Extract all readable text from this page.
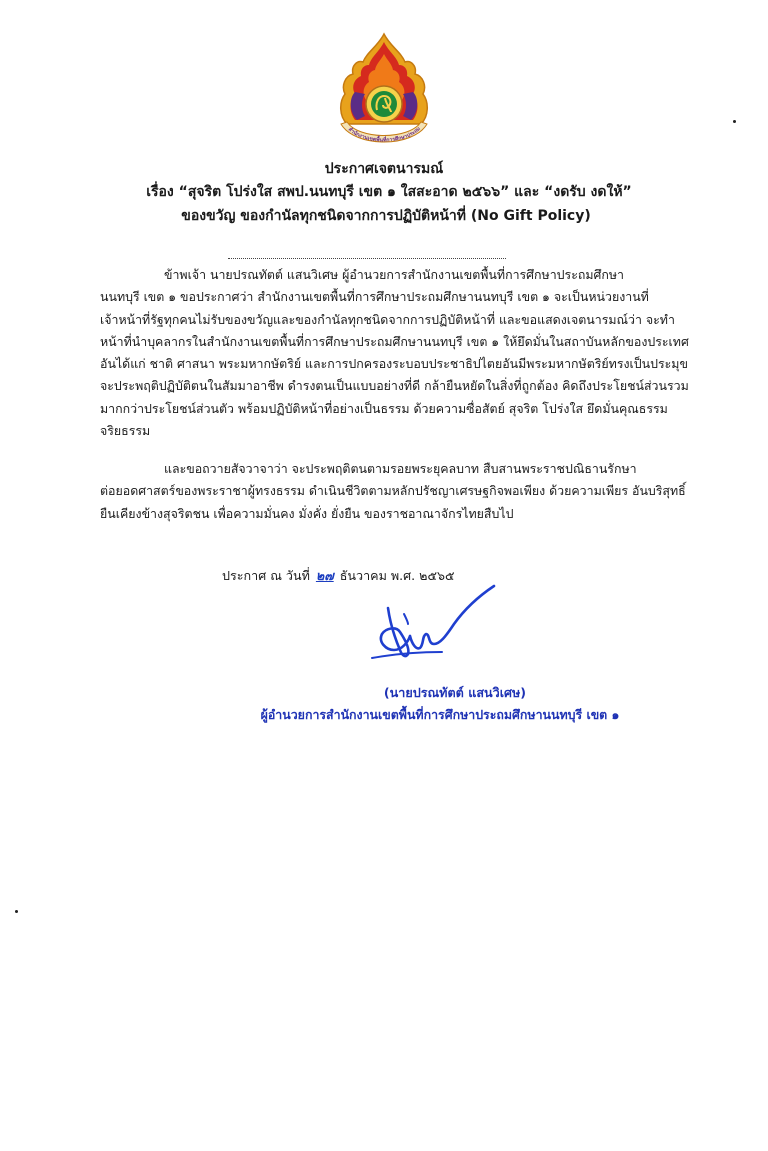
สำนักงานเขตพื้นที่การศึกษาประถม
ประกาศเจตนารมณ์
เรื่อง “สุจริต โปร่งใส สพป.นนทบุรี เขต ๑ ใสสะอาด ๒๕๖๖” และ “งดรับ งดให้”
ของขวัญ ของกำนัลทุกชนิดจากการปฏิบัติหน้าที่ (No Gift Policy)
ข้าพเจ้า นายปรณทัตต์ แสนวิเศษ ผู้อำนวยการสำนักงานเขตพื้นที่การศึกษาประถมศึกษา
นนทบุรี เขต ๑ ขอประกาศว่า สำนักงานเขตพื้นที่การศึกษาประถมศึกษานนทบุรี เขต ๑ จะเป็นหน่วยงานที่
เจ้าหน้าที่รัฐทุกคนไม่รับของขวัญและของกำนัลทุกชนิดจากการปฏิบัติหน้าที่ และขอแสดงเจตนารมณ์ว่า จะทำ
หน้าที่นำบุคลากรในสำนักงานเขตพื้นที่การศึกษาประถมศึกษานนทบุรี เขต ๑ ให้ยึดมั่นในสถาบันหลักของประเทศ
อันได้แก่ ชาติ ศาสนา พระมหากษัตริย์ และการปกครองระบอบประชาธิปไตยอันมีพระมหากษัตริย์ทรงเป็นประมุข
จะประพฤติปฏิบัติตนในสัมมาอาชีพ ดำรงตนเป็นแบบอย่างที่ดี กล้ายืนหยัดในสิ่งที่ถูกต้อง คิดถึงประโยชน์ส่วนรวม
มากกว่าประโยชน์ส่วนตัว พร้อมปฏิบัติหน้าที่อย่างเป็นธรรม ด้วยความซื่อสัตย์ สุจริต โปร่งใส ยึดมั่นคุณธรรม
จริยธรรม
และขอถวายสัจวาจาว่า จะประพฤติตนตามรอยพระยุคลบาท สืบสานพระราชปณิธานรักษา
ต่อยอดศาสตร์ของพระราชาผู้ทรงธรรม ดำเนินชีวิตตามหลักปรัชญาเศรษฐกิจพอเพียง ด้วยความเพียร อันบริสุทธิ์
ยืนเคียงข้างสุจริตชน เพื่อความมั่นคง มั่งคั่ง ยั่งยืน ของราชอาณาจักรไทยสืบไป
ประกาศ ณ วันที่ ๒๗ ธันวาคม พ.ศ. ๒๕๖๕
(นายปรณทัตต์ แสนวิเศษ)
ผู้อำนวยการสำนักงานเขตพื้นที่การศึกษาประถมศึกษานนทบุรี เขต ๑
